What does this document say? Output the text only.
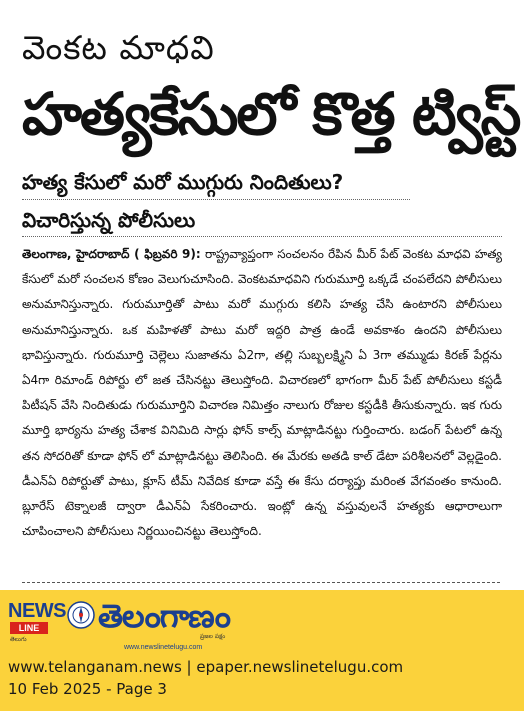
వెంకట మాధవి
హత్యకేసులో కొత్త ట్విస్ట్
హత్య కేసులో మరో ముగ్గురు నిందితులు?
విచారిస్తున్న పోలీసులు
తెలంగాణ, హైదరాబాద్ ( ఫిబ్రవరి 9): రాష్ట్రవ్యాప్తంగా సంచలనం రేపిన మీర్ పేట్ వెంకట మాధవి హత్య కేసులో మరో సంచలన కోణం వెలుగుచూసింది. వెంకటమాధవిని గురుమూర్తి ఒక్కడే చంపలేదని పోలీసులు అనుమానిస్తున్నారు. గురుమూర్తితో పాటు మరో ముగ్గురు కలిసి హత్య చేసి ఉంటారని పోలీసులు అనుమానిస్తున్నారు. ఒక మహిళతో పాటు మరో ఇద్దరి పాత్ర ఉండే అవకాశం ఉందని పోలీసులు భావిస్తున్నారు. గురుమూర్తి చెల్లెలు సుజాతను ఏ2గా, తల్లి సుబ్బలక్ష్మిని ఏ 3గా తమ్ముడు కిరణ్ పేర్లను ఏ4గా రిమాండ్ రిపోర్టు లో జత చేసినట్టు తెలుస్తోంది. విచారణలో భాగంగా మీర్ పేట్ పోలీసులు కస్టడీ పిటీషన్ వేసి నిందితుడు గురుమూర్తిని విచారణ నిమిత్తం నాలుగు రోజుల కస్టడీకి తీసుకున్నారు. ఇక గురు మూర్తి భార్యను హత్య చేశాక వినిమిది సార్లు ఫోన్ కాల్స్ మాట్లాడినట్టు గుర్తించారు. బడంగ్ పేటలో ఉన్న తన సోదరితో కూడా ఫోన్ లో మాట్లాడినట్టు తెలిసింది. ఈ మేరకు అతడి కాల్ డేటా పరిశీలనలో వెల్లడైంది. డీఎన్ఏ రిపోర్టుతో పాటు, క్లూస్ టీమ్ నివేదిక కూడా వస్తే ఈ కేసు దర్యాప్తు మరింత వేగవంతం కానుంది. బ్లూరేస్ టెక్నాలజీ ద్వారా డీఎన్ఏ సేకరించారు. ఇంట్లో ఉన్న వస్తువులనే హత్యకు ఆధారాలుగా చూపించాలని పోలీసులు నిర్ణయించినట్టు తెలుస్తోంది.
NEWS
LINE
తెలుగు
తెలంగాణం
ప్రజల పక్షం
www.newslinetelugu.com
www.telanganam.news | epaper.newslinetelugu.com
10 Feb 2025 - Page 3
